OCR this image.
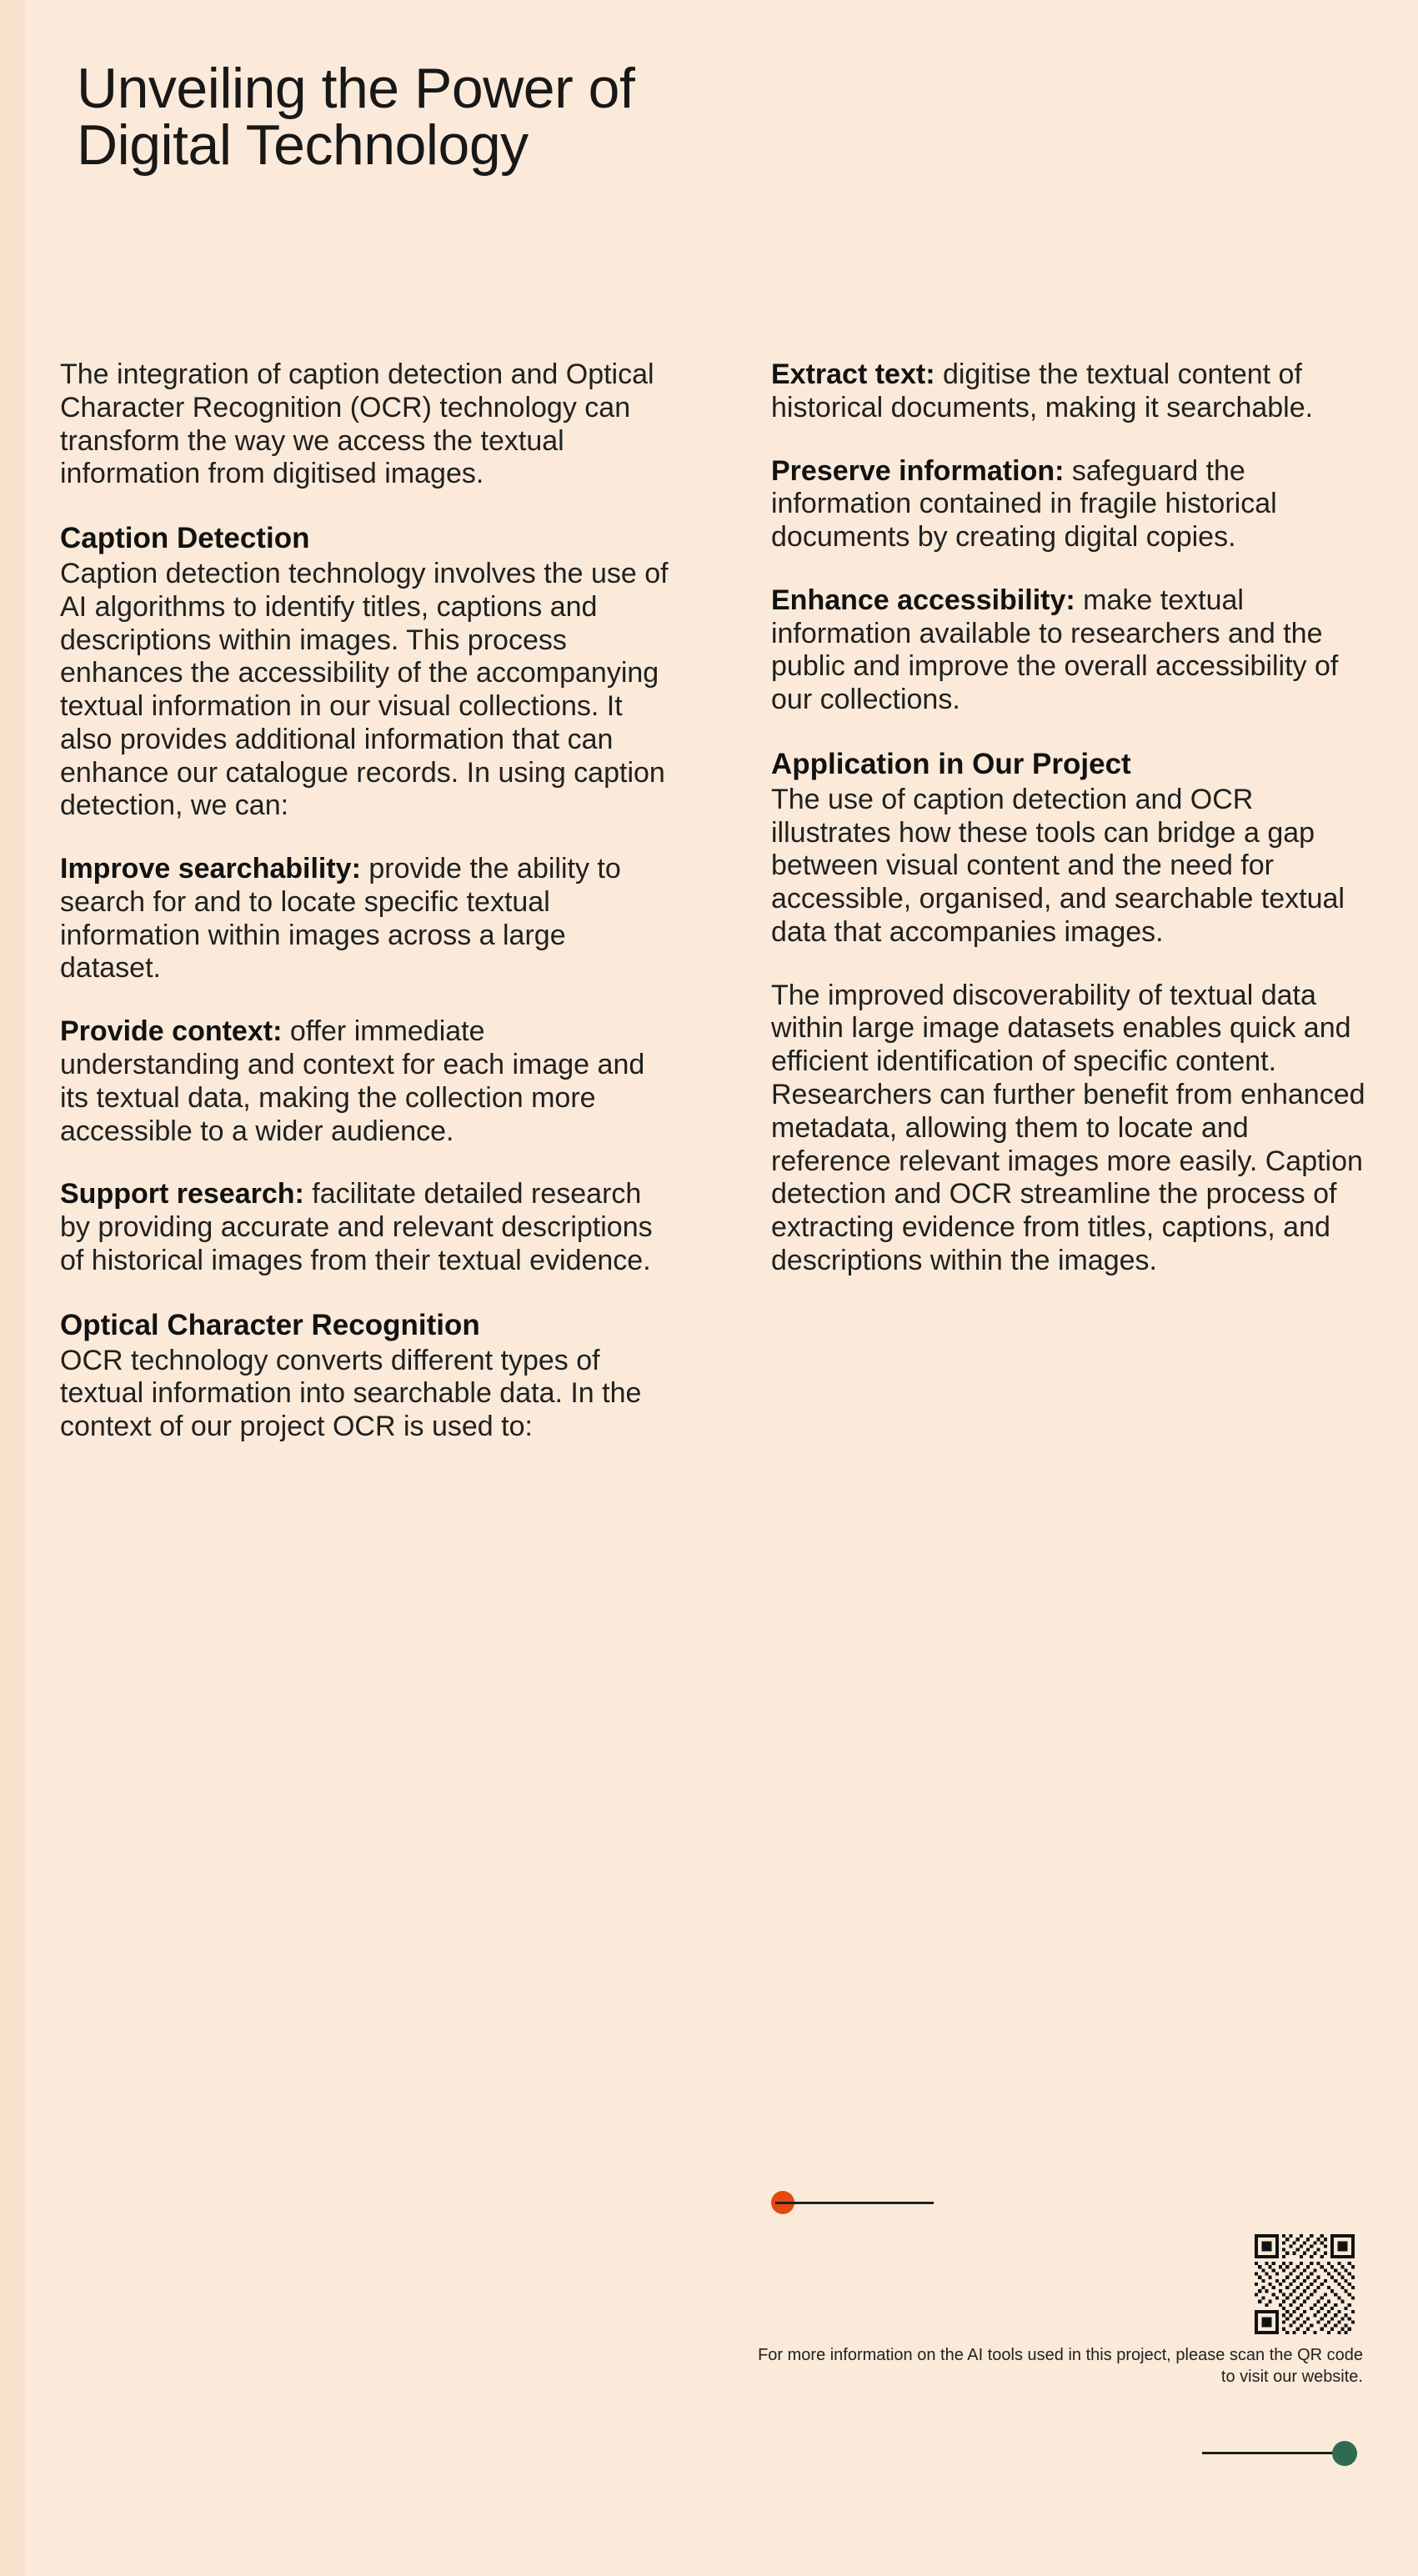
Unveiling the Power of Digital Technology

The integration of caption detection and Optical Character Recognition (OCR) technology can transform the way we access the textual information from digitised images.

Caption Detection

Caption detection technology involves the use of AI algorithms to identify titles, captions and descriptions within images. This process enhances the accessibility of the accompanying textual information in our visual collections. It also provides additional information that can enhance our catalogue records. In using caption detection, we can:

Improve searchability: provide the ability to search for and to locate specific textual information within images across a large dataset.

Provide context: offer immediate understanding and context for each image and its textual data, making the collection more accessible to a wider audience.

Support research: facilitate detailed research by providing accurate and relevant descriptions of historical images from their textual evidence.

Optical Character Recognition

OCR technology converts different types of textual information into searchable data. In the context of our project OCR is used to:

Extract text: digitise the textual content of historical documents, making it searchable.

Preserve information: safeguard the information contained in fragile historical documents by creating digital copies.

Enhance accessibility: make textual information available to researchers and the public and improve the overall accessibility of our collections.

Application in Our Project

The use of caption detection and OCR illustrates how these tools can bridge a gap between visual content and the need for accessible, organised, and searchable textual data that accompanies images.

The improved discoverability of textual data within large image datasets enables quick and efficient identification of specific content. Researchers can further benefit from enhanced metadata, allowing them to locate and reference relevant images more easily. Caption detection and OCR streamline the process of extracting evidence from titles, captions, and descriptions within the images.

For more information on the AI tools used in this project, please scan the QR code to visit our website.
